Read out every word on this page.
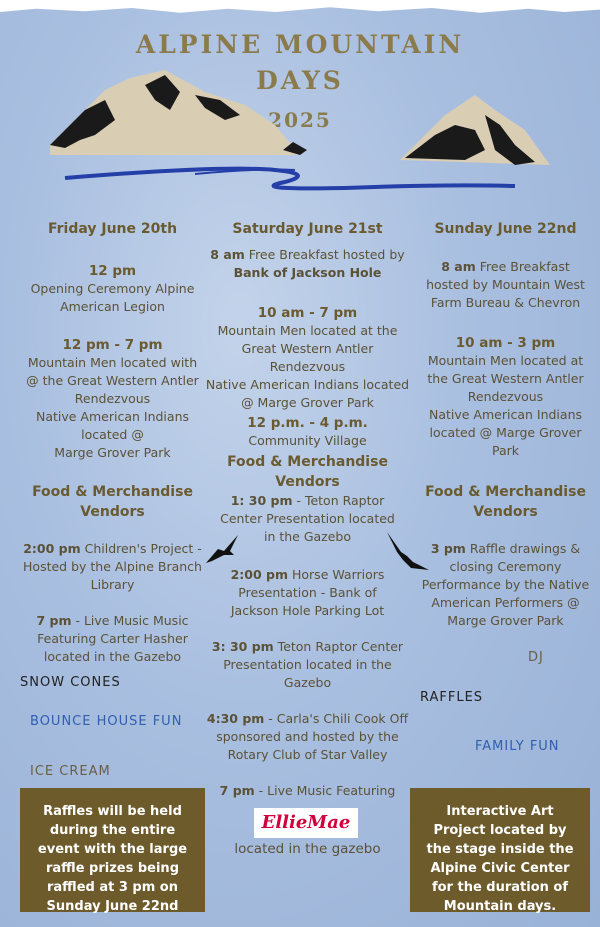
ALPINE MOUNTAIN
DAYS
2025
Friday June 20th
12 pm
Opening Ceremony Alpine American Legion
12 pm - 7 pm
Mountain Men located with @ the Great Western Antler Rendezvous
Native American Indians located @
Marge Grover Park
Food & Merchandise Vendors
2:00 pm Children's Project - Hosted by the Alpine Branch Library
7 pm - Live Music Music Featuring Carter Hasher located in the Gazebo
Saturday June 21st
8 am Free Breakfast hosted by Bank of Jackson Hole
10 am - 7 pm
Mountain Men located at the Great Western Antler Rendezvous
Native American Indians located @ Marge Grover Park
12 p.m. - 4 p.m.
Community Village
Food & Merchandise Vendors
1: 30 pm - Teton Raptor Center Presentation located in the Gazebo
2:00 pm Horse Warriors Presentation - Bank of Jackson Hole Parking Lot
3: 30 pm Teton Raptor Center Presentation located in the Gazebo
4:30 pm - Carla's Chili Cook Off sponsored and hosted by the Rotary Club of Star Valley
7 pm - Live Music Featuring
located in the gazebo
EllieMae
Sunday June 22nd
8 am Free Breakfast hosted by Mountain West Farm Bureau & Chevron
10 am - 3 pm
Mountain Men located at the Great Western Antler Rendezvous
Native American Indians located @ Marge Grover Park
Food & Merchandise Vendors
3 pm Raffle drawings & closing Ceremony Performance by the Native American Performers @ Marge Grover Park
DJ
SNOW CONES
BOUNCE HOUSE FUN
ICE CREAM
RAFFLES
FAMILY FUN
Raffles will be held during the entire event with the large raffle prizes being raffled at 3 pm on Sunday June 22nd
Interactive Art Project located by the stage inside the Alpine Civic Center for the duration of Mountain days.
